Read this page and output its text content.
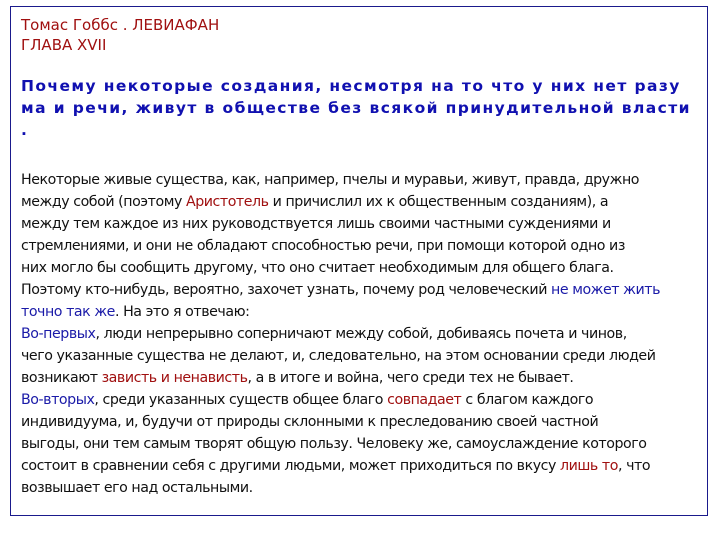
Томас Гоббс . ЛЕВИАФАН

ГЛАВА XVII

Почему некоторые создания, несмотря на то что у них нет разу

ма и речи, живут в обществе без всякой принудительной власти

.

Некоторые живые существа, как, например, пчелы и муравьи, живут, правда, дружно
между собой (поэтому Аристотель и причислил их к общественным созданиям), а
между тем каждое из них руководствуется лишь своими частными суждениями и
стремлениями, и они не обладают способностью речи, при помощи которой одно из
них могло бы сообщить другому, что оно считает необходимым для общего блага.
Поэтому кто-нибудь, вероятно, захочет узнать, почему род человеческий не может жить
точно так же. На это я отвечаю:
Во-первых, люди непрерывно соперничают между собой, добиваясь почета и чинов,
чего указанные существа не делают, и, следовательно, на этом основании среди людей
возникают зависть и ненависть, а в итоге и война, чего среди тех не бывает.
Во-вторых, среди указанных существ общее благо совпадает с благом каждого
индивидуума, и, будучи от природы склонными к преследованию своей частной
выгоды, они тем самым творят общую пользу. Человеку же, самоуслаждение которого
состоит в сравнении себя с другими людьми, может приходиться по вкусу лишь то, что
возвышает его над остальными.
